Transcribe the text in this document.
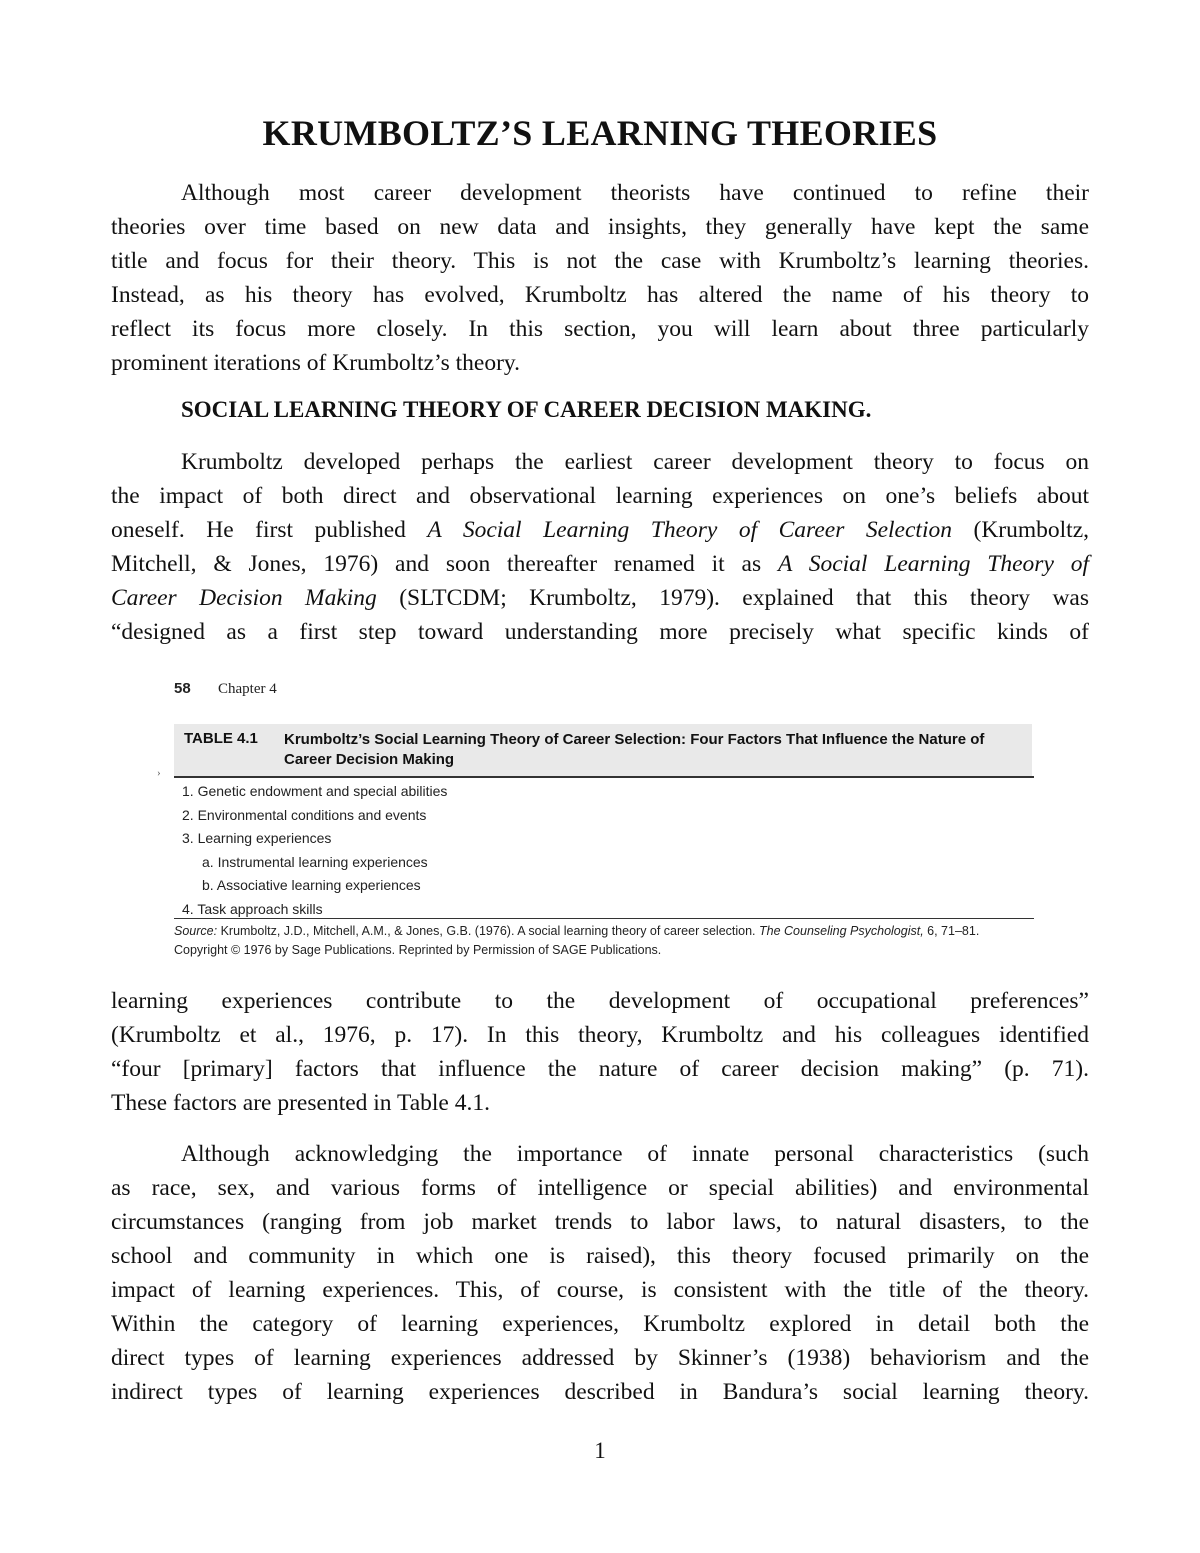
KRUMBOLTZ’S LEARNING THEORIES
Although most career development theorists have continued to refine their
theories over time based on new data and insights, they generally have kept the same
title and focus for their theory. This is not the case with Krumboltz’s learning theories.
Instead, as his theory has evolved, Krumboltz has altered the name of his theory to
reflect its focus more closely. In this section, you will learn about three particularly
prominent iterations of Krumboltz’s theory.
SOCIAL LEARNING THEORY OF CAREER DECISION MAKING.
Krumboltz developed perhaps the earliest career development theory to focus on
the impact of both direct and observational learning experiences on one’s beliefs about
oneself. He first published A Social Learning Theory of Career Selection (Krumboltz,
Mitchell, & Jones, 1976) and soon thereafter renamed it as A Social Learning Theory of
Career Decision Making (SLTCDM; Krumboltz, 1979). explained that this theory was
“designed as a first step toward understanding more precisely what specific kinds of
›
58 Chapter 4
TABLE 4.1 Krumboltz’s Social Learning Theory of Career Selection: Four Factors That Influence the Nature of Career Decision Making
1. Genetic endowment and special abilities
2. Environmental conditions and events
3. Learning experiences
a. Instrumental learning experiences
b. Associative learning experiences
4. Task approach skills
Source: Krumboltz, J.D., Mitchell, A.M., & Jones, G.B. (1976). A social learning theory of career selection. The Counseling Psychologist, 6, 71–81. Copyright © 1976 by Sage Publications. Reprinted by Permission of SAGE Publications.
learning experiences contribute to the development of occupational preferences”
(Krumboltz et al., 1976, p. 17). In this theory, Krumboltz and his colleagues identified
“four [primary] factors that influence the nature of career decision making” (p. 71).
These factors are presented in Table 4.1.
Although acknowledging the importance of innate personal characteristics (such
as race, sex, and various forms of intelligence or special abilities) and environmental
circumstances (ranging from job market trends to labor laws, to natural disasters, to the
school and community in which one is raised), this theory focused primarily on the
impact of learning experiences. This, of course, is consistent with the title of the theory.
Within the category of learning experiences, Krumboltz explored in detail both the
direct types of learning experiences addressed by Skinner’s (1938) behaviorism and the
indirect types of learning experiences described in Bandura’s social learning theory.
1
